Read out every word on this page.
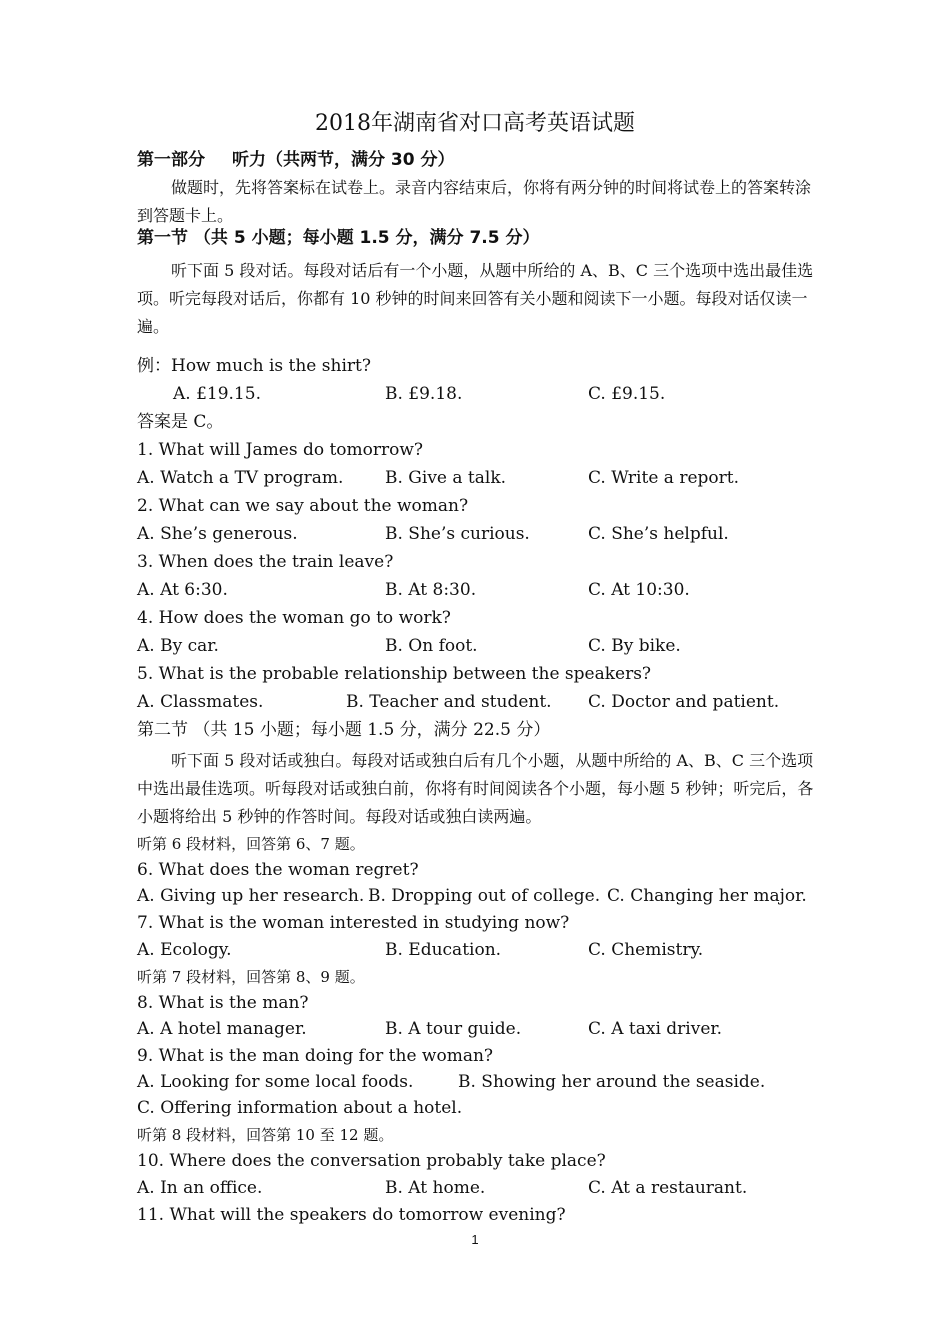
2018年湖南省对口高考英语试题
第一部分 听力（共两节，满分 30 分）
做题时，先将答案标在试卷上。录音内容结束后，你将有两分钟的时间将试卷上的答案转涂到答题卡上。
第一节 （共 5 小题；每小题 1.5 分，满分 7.5 分）
听下面 5 段对话。每段对话后有一个小题，从题中所给的 A、B、C 三个选项中选出最佳选项。听完每段对话后，你都有 10 秒钟的时间来回答有关小题和阅读下一小题。每段对话仅读一遍。
例：How much is the shirt?
A. £19.15.	B. £9.18.	C. £9.15.
答案是 C。
1. What will James do tomorrow?
A. Watch a TV program. B. Give a talk.	C. Write a report.
2. What can we say about the woman?
A. She’s generous.	B. She’s curious.	C. She’s helpful.
3. When does the train leave?
A. At 6:30.	B. At 8:30.	C. At 10:30.
4. How does the woman go to work?
A. By car.	B. On foot.	C. By bike.
5. What is the probable relationship between the speakers?
A. Classmates.	B. Teacher and student. C. Doctor and patient.
第二节 （共 15 小题；每小题 1.5 分，满分 22.5 分）
听下面 5 段对话或独白。每段对话或独白后有几个小题，从题中所给的 A、B、C 三个选项中选出最佳选项。听每段对话或独白前，你将有时间阅读各个小题，每小题 5 秒钟；听完后，各小题将给出 5 秒钟的作答时间。每段对话或独白读两遍。
听第 6 段材料，回答第 6、7 题。
6. What does the woman regret?
A. Giving up her research. B. Dropping out of college. C. Changing her major.
7. What is the woman interested in studying now?
A. Ecology.	B. Education.	C. Chemistry.
听第 7 段材料，回答第 8、9 题。
8. What is the man?
A. A hotel manager.	B. A tour guide.	C. A taxi driver.
9. What is the man doing for the woman?
A. Looking for some local foods.	B. Showing her around the seaside.
C. Offering information about a hotel.
听第 8 段材料，回答第 10 至 12 题。
10. Where does the conversation probably take place?
A. In an office.	B. At home.	C. At a restaurant.
11. What will the speakers do tomorrow evening?
1
